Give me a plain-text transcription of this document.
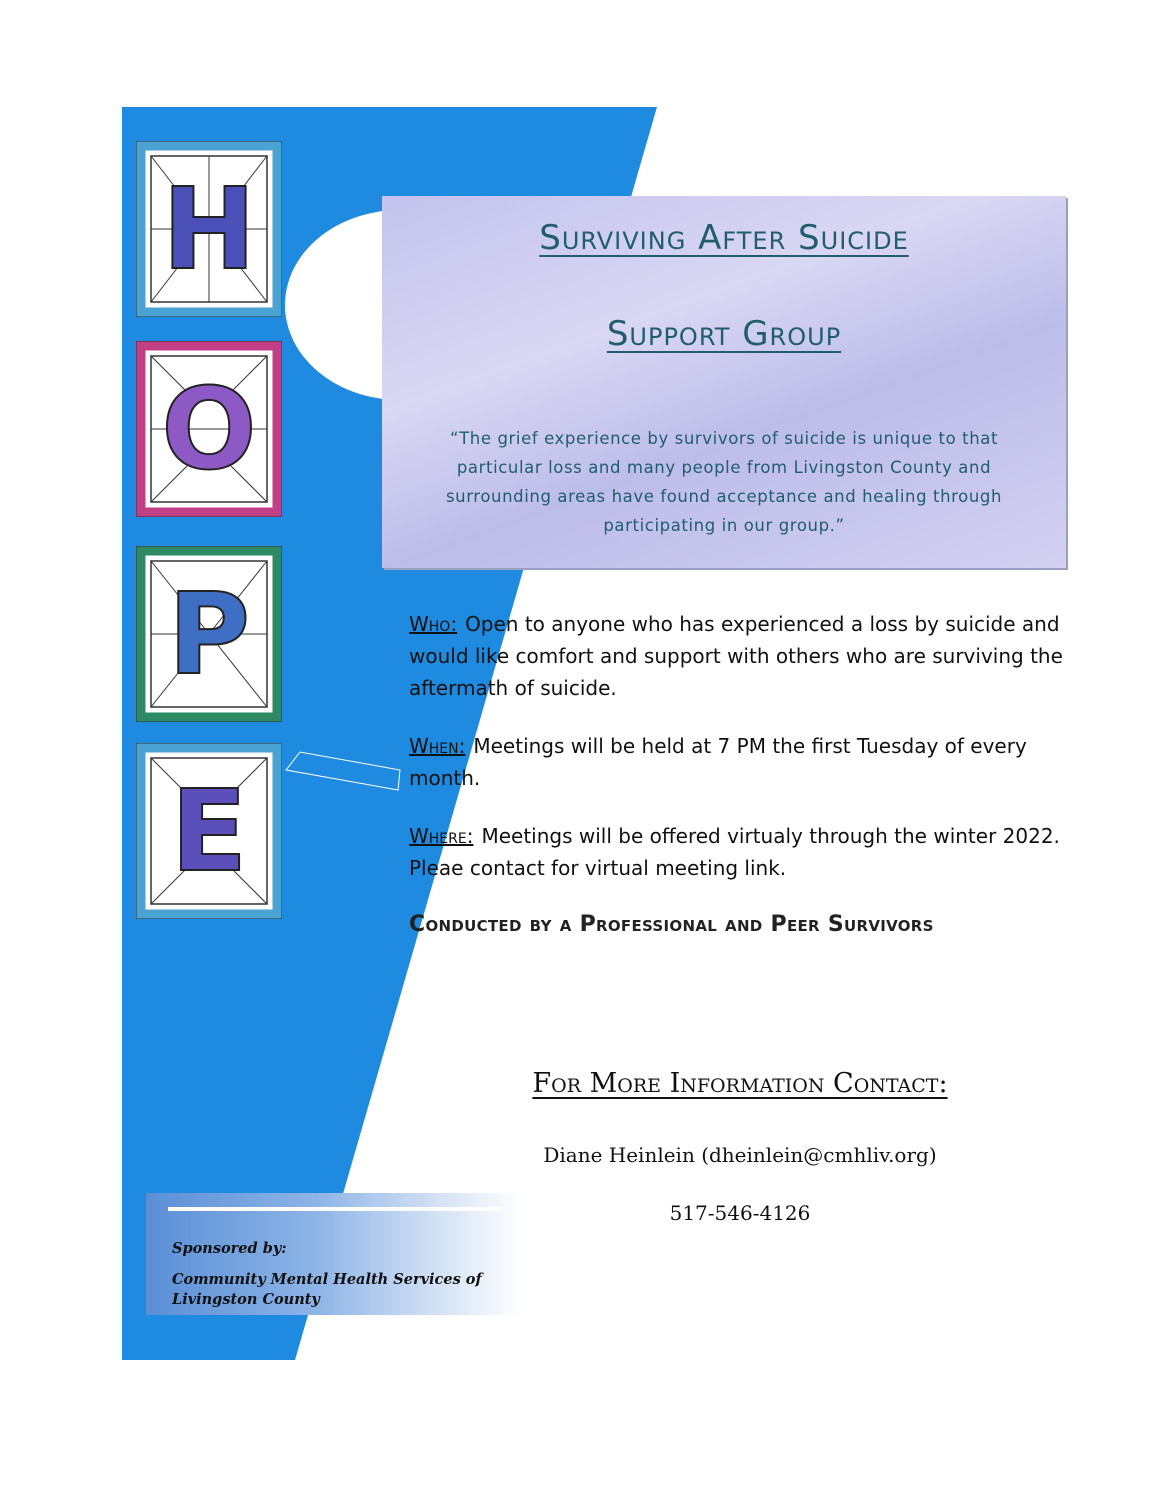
H
O
P
E
Surviving After Suicide
Support Group

“The grief experience by survivors of suicide is unique to that particular loss and many people from Livingston County and surrounding areas have found acceptance and healing through participating in our group.”

Who: Open to anyone who has experienced a loss by suicide and would like comfort and support with others who are surviving the aftermath of suicide.

When: Meetings will be held at 7 PM the first Tuesday of every month.

Where: Meetings will be offered virtualy through the winter 2022. Pleae contact for virtual meeting link.

Conducted by a Professional and Peer Survivors

For More Information Contact:

Diane Heinlein (dheinlein@cmhliv.org)

517-546-4126

Sponsored by:

Community Mental Health Services of Livingston County
